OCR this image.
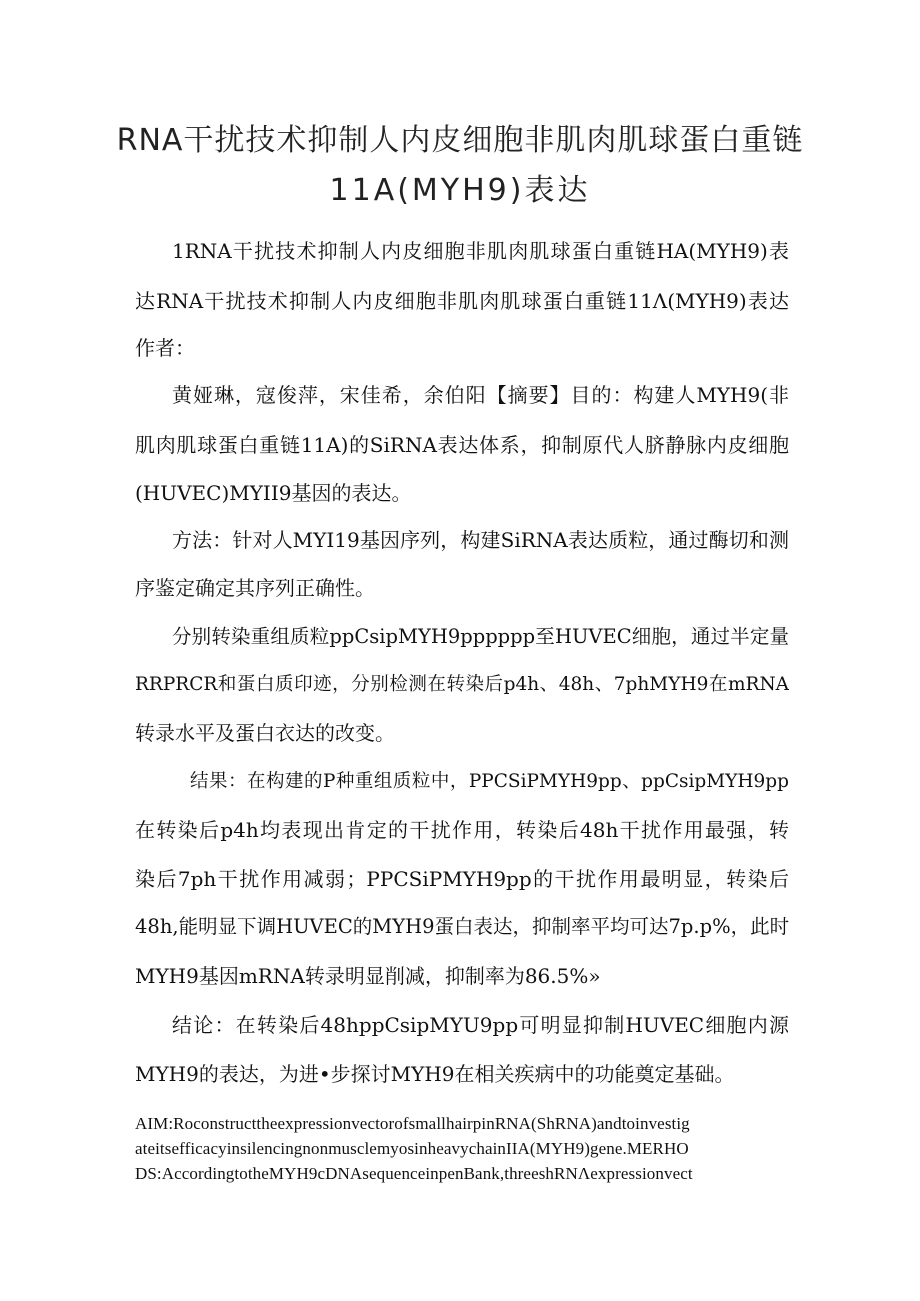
RNA干扰技术抑制人内皮细胞非肌肉肌球蛋白重链
11A(MYH9)表达
1RNA干扰技术抑制人内皮细胞非肌肉肌球蛋白重链HA(MYH9)表
达RNA干扰技术抑制人内皮细胞非肌肉肌球蛋白重链11Λ(MYH9)表达
作者：
黄娅琳，寇俊萍，宋佳希，余伯阳【摘要】目的：构建人MYH9(非
肌肉肌球蛋白重链11A)的SiRNA表达体系，抑制原代人脐静脉内皮细胞
(HUVEC)MYII9基因的表达。
方法：针对人MYI19基因序列，构建SiRNA表达质粒，通过酶切和测
序鉴定确定其序列正确性。
分别转染重组质粒ppCsipMYH9pppppp至HUVEC细胞，通过半定量
RRPRCR和蛋白质印迹，分别检测在转染后p4h、48h、7phMYH9在mRNA
转录水平及蛋白衣达的改变。
结果：在构建的P种重组质粒中，PPCSiPMYH9pp、ppCsipMYH9pp
在转染后p4h均表现出肯定的干扰作用，转染后48h干扰作用最强，转
染后7ph干扰作用减弱；PPCSiPMYH9pp的干扰作用最明显，转染后
48h,能明显下调HUVEC的MYH9蛋白表达，抑制率平均可达7p.p%，此时
MYH9基因mRNA转录明显削减，抑制率为86.5%»
结论：在转染后48hppCsipMYU9pp可明显抑制HUVEC细胞内源
MYH9的表达，为进•步探讨MYH9在相关疾病中的功能奠定基础。
AIM:RoconstructtheexpressionvectorofsmallhairpinRNA(ShRNA)andtoinvestig
ateitsefficacyinsilencingnonmusclemyosinheavychainIIA(MYH9)gene.MERHO
DS:AccordingtotheMYH9cDNAsequenceinpenBank,threeshRNΛexpressionvect
